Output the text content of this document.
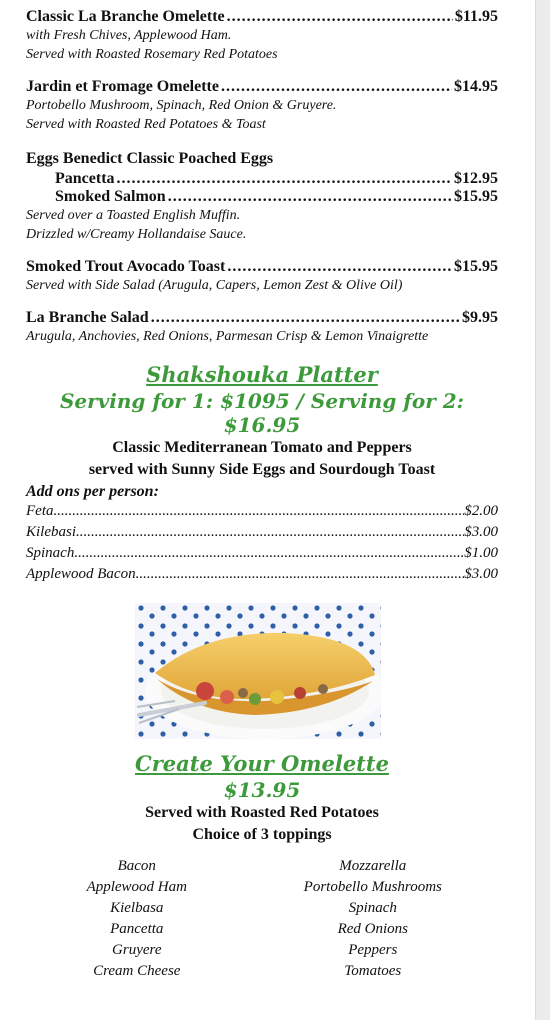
Classic La Branche Omelette .....	$11.95
with Fresh Chives, Applewood Ham.
Served with Roasted Rosemary Red Potatoes
Jardin et Fromage Omelette .....	$14.95
Portobello Mushroom, Spinach, Red Onion & Gruyere.
Served with Roasted Red Potatoes & Toast
Eggs Benedict Classic Poached Eggs
Pancetta .....	$12.95
Smoked Salmon .....	$15.95
Served over a Toasted English Muffin.
Drizzled w/Creamy Hollandaise Sauce.
Smoked Trout Avocado Toast .....	$15.95
Served with Side Salad (Arugula, Capers, Lemon Zest & Olive Oil)
La Branche Salad .....	$9.95
Arugula, Anchovies, Red Onions, Parmesan Crisp & Lemon Vinaigrette
Shakshouka Platter
Serving for 1: $1095 / Serving for 2: $16.95
Classic Mediterranean Tomato and Peppers
served with Sunny Side Eggs and Sourdough Toast
Add ons per person:
Feta .....	$2.00
Kilebasi .....	$3.00
Spinach .....	$1.00
Applewood Bacon .....	$3.00
Create Your Omelette
$13.95
Served with Roasted Red Potatoes
Choice of 3 toppings
Bacon
Applewood Ham
Kielbasa
Pancetta
Gruyere
Cream Cheese
Mozzarella
Portobello Mushrooms
Spinach
Red Onions
Peppers
Tomatoes
